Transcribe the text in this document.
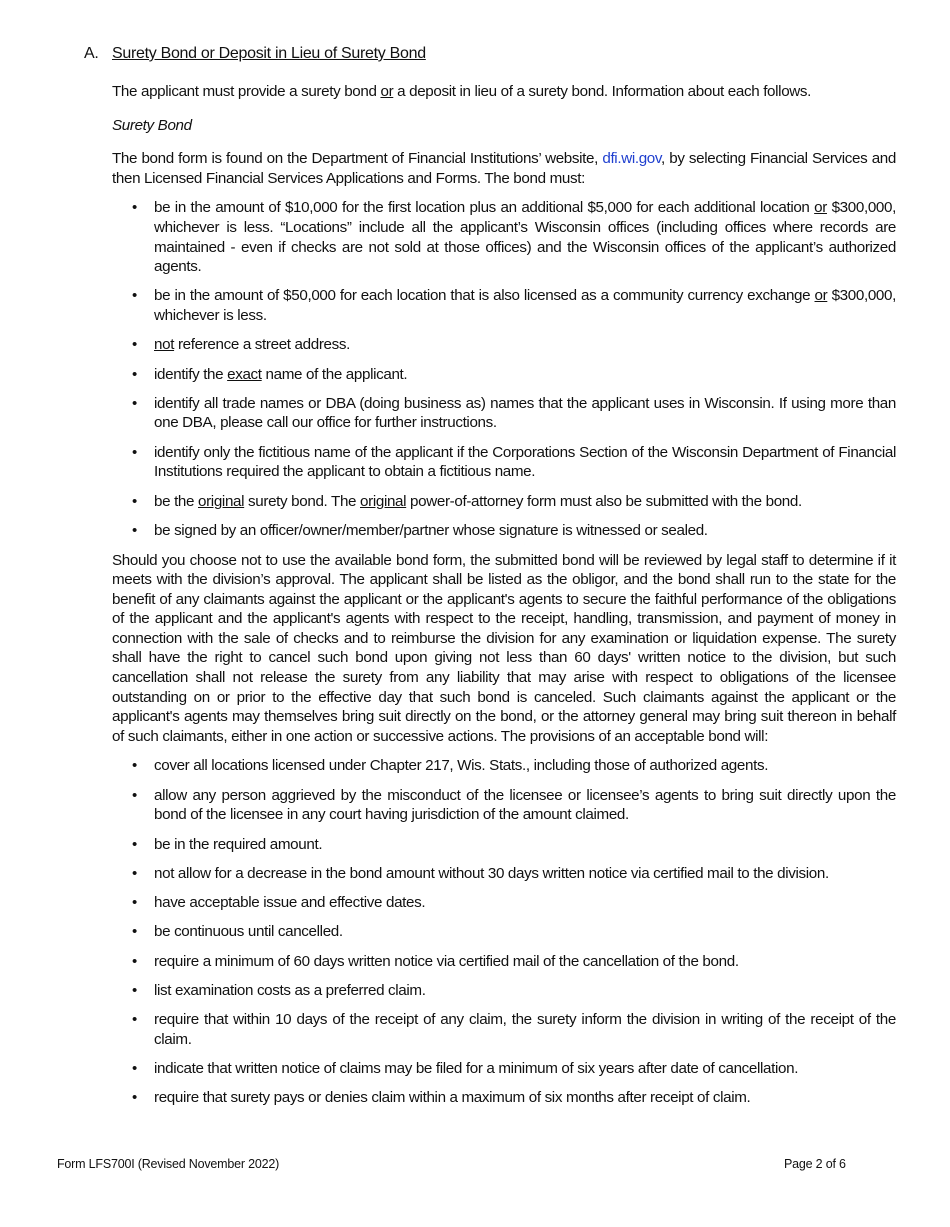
A. Surety Bond or Deposit in Lieu of Surety Bond

The applicant must provide a surety bond or a deposit in lieu of a surety bond. Information about each follows.

Surety Bond

The bond form is found on the Department of Financial Institutions’ website, dfi.wi.gov, by selecting Financial Services and then Licensed Financial Services Applications and Forms. The bond must:

• be in the amount of $10,000 for the first location plus an additional $5,000 for each additional location or $300,000, whichever is less. “Locations” include all the applicant’s Wisconsin offices (including offices where records are maintained - even if checks are not sold at those offices) and the Wisconsin offices of the applicant’s authorized agents.
• be in the amount of $50,000 for each location that is also licensed as a community currency exchange or $300,000, whichever is less.
• not reference a street address.
• identify the exact name of the applicant.
• identify all trade names or DBA (doing business as) names that the applicant uses in Wisconsin. If using more than one DBA, please call our office for further instructions.
• identify only the fictitious name of the applicant if the Corporations Section of the Wisconsin Department of Financial Institutions required the applicant to obtain a fictitious name.
• be the original surety bond. The original power-of-attorney form must also be submitted with the bond.
• be signed by an officer/owner/member/partner whose signature is witnessed or sealed.

Should you choose not to use the available bond form, the submitted bond will be reviewed by legal staff to determine if it meets with the division’s approval. The applicant shall be listed as the obligor, and the bond shall run to the state for the benefit of any claimants against the applicant or the applicant's agents to secure the faithful performance of the obligations of the applicant and the applicant's agents with respect to the receipt, handling, transmission, and payment of money in connection with the sale of checks and to reimburse the division for any examination or liquidation expense. The surety shall have the right to cancel such bond upon giving not less than 60 days' written notice to the division, but such cancellation shall not release the surety from any liability that may arise with respect to obligations of the licensee outstanding on or prior to the effective day that such bond is canceled. Such claimants against the applicant or the applicant's agents may themselves bring suit directly on the bond, or the attorney general may bring suit thereon in behalf of such claimants, either in one action or successive actions. The provisions of an acceptable bond will:

• cover all locations licensed under Chapter 217, Wis. Stats., including those of authorized agents.
• allow any person aggrieved by the misconduct of the licensee or licensee’s agents to bring suit directly upon the bond of the licensee in any court having jurisdiction of the amount claimed.
• be in the required amount.
• not allow for a decrease in the bond amount without 30 days written notice via certified mail to the division.
• have acceptable issue and effective dates.
• be continuous until cancelled.
• require a minimum of 60 days written notice via certified mail of the cancellation of the bond.
• list examination costs as a preferred claim.
• require that within 10 days of the receipt of any claim, the surety inform the division in writing of the receipt of the claim.
• indicate that written notice of claims may be filed for a minimum of six years after date of cancellation.
• require that surety pays or denies claim within a maximum of six months after receipt of claim.
Form LFS700I (Revised November 2022)	Page 2 of 6
